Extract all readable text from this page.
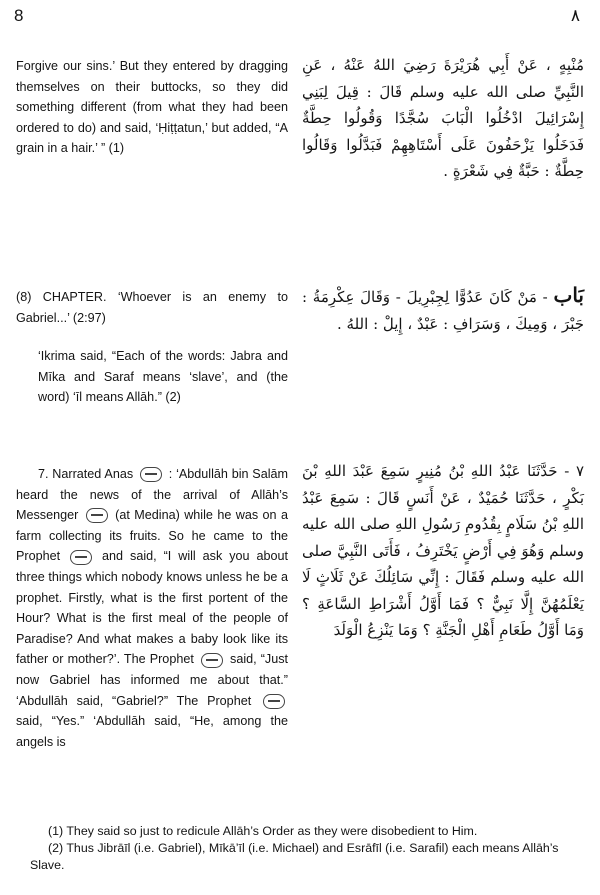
8	٨
Forgive our sins.’ But they entered by dragging themselves on their buttocks, so they did something different (from what they had been ordered to do) and said, ‘Ḥiṭṭatun,’ but added, “A grain in a hair.’ ” (1)
مُنْبِهٍ ، عَنْ أَبِي هُرَيْرَةَ رَضِيَ اللهُ عَنْهُ ، عَنِ النَّبِيِّ صلى الله عليه وسلم قَالَ : قِيلَ لِبَنِي إِسْرَائِيلَ ادْخُلُوا الْبَابَ سُجَّدًا وَقُولُوا حِطَّةٌ فَدَخَلُوا يَزْحَفُونَ عَلَى أَسْتَاهِهِمْ فَبَدَّلُوا وَقَالُوا حِطَّةٌ : حَبَّةٌ فِي شَعْرَةٍ .
(8) CHAPTER. ‘Whoever is an enemy to Gabriel...’ (2:97)
‘Ikrima said, “Each of the words: Jabra and Mīka and Saraf means ‘slave’, and (the word) ‘īl means Allāh.” (2)
بَاب - مَنْ كَانَ عَدُوًّا لِجِبْرِيلَ - وَقَالَ عِكْرِمَةُ : جَبْرَ ، وَمِيكَ ، وَسَرَافِ : عَبْدٌ ، إِيلْ : اللهُ .
7. Narrated Anas	: ‘Abdullāh bin Salām heard the news of the arrival of Allāh’s Messenger	(at Medina) while he was on a farm collecting its fruits. So he came to the Prophet	and said, “I will ask you about three things which nobody knows unless he be a prophet. Firstly, what is the first portent of the Hour? What is the first meal of the people of Paradise? And what makes a baby look like its father or mother?’. The Prophet	said, “Just now Gabriel has informed me about that.” ‘Abdullāh said, “Gabriel?” The Prophet  said, “Yes.” ‘Abdullāh said, “He, among the angels is
٧ - حَدَّثَنَا عَبْدُ اللهِ بْنُ مُنِيرٍ سَمِعَ عَبْدَ اللهِ بْنَ بَكْرٍ ، حَدَّثَنَا حُمَيْدٌ ، عَنْ أَنَسٍ قَالَ : سَمِعَ عَبْدُ اللهِ بْنُ سَلَامٍ بِقُدُومِ رَسُولِ اللهِ صلى الله عليه وسلم وَهُوَ فِي أَرْضٍ يَخْتَرِفُ ، فَأَتَى النَّبِيَّ صلى الله عليه وسلم فَقَالَ : إِنِّي سَائِلُكَ عَنْ ثَلَاثٍ لَا يَعْلَمُهُنَّ إِلَّا نَبِيٌّ ؟ فَمَا أَوَّلُ أَشْرَاطِ السَّاعَةِ ؟ وَمَا أَوَّلُ طَعَامِ أَهْلِ الْجَنَّةِ ؟ وَمَا يَنْزِعُ الْوَلَدَ
(1) They said so just to redicule Allāh’s Order as they were disobedient to Him.
(2) Thus Jibrāīl (i.e. Gabriel), Mīkā’īl (i.e. Michael) and Esrāfīl (i.e. Sarafil) each means Allāh’s Slave.
